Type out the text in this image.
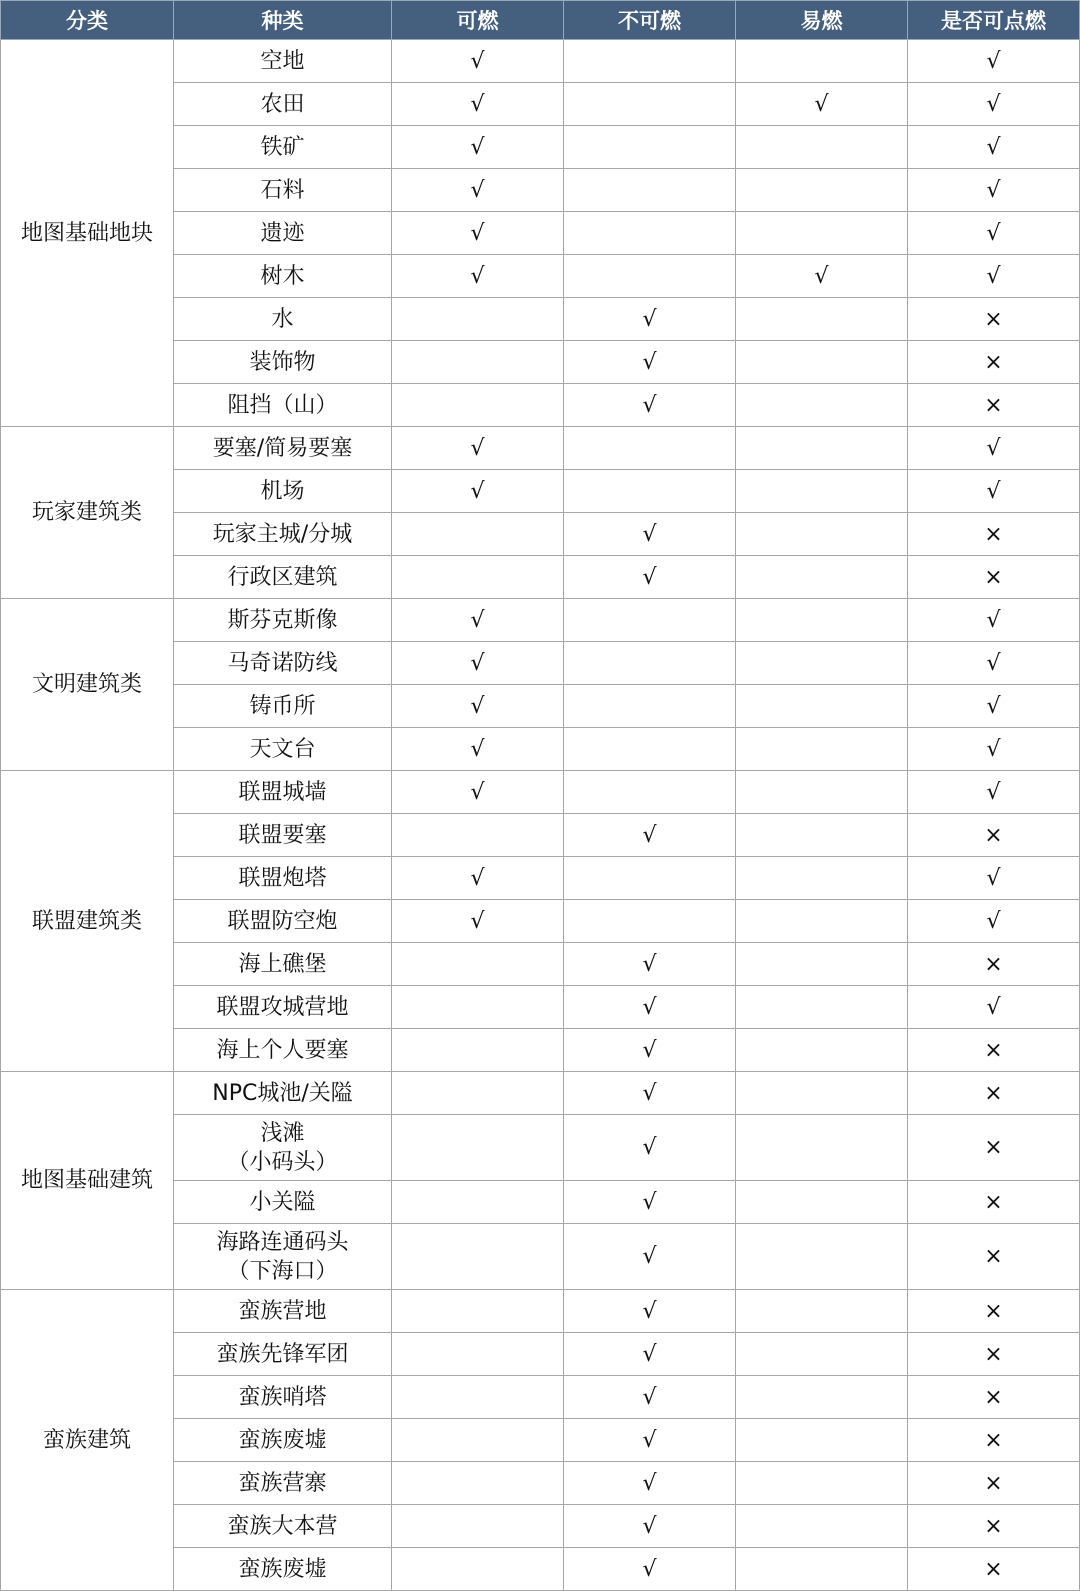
分类	种类	可燃	不可燃	易燃	是否可点燃
地图基础地块	空地	√			√

	农田	√		√	√

	铁矿	√			√

	石料	√			√

	遗迹	√			√

	树木	√		√	√

	水		√		×

	装饰物		√		×

	阻挡（山）		√		×
玩家建筑类	要塞/简易要塞	√			√

	机场	√			√

	玩家主城/分城		√		×

	行政区建筑		√		×
文明建筑类	斯芬克斯像	√			√

	马奇诺防线	√			√

	铸币所	√			√

	天文台	√			√
联盟建筑类	联盟城墙	√			√

	联盟要塞		√		×

	联盟炮塔	√			√

	联盟防空炮	√			√

	海上礁堡		√		×

	联盟攻城营地		√		√

	海上个人要塞		√		×
地图基础建筑	NPC城池/关隘		√		×

	浅滩
（小码头）		√		×

	小关隘		√		×

	海路连通码头
（下海口）		√		×
蛮族建筑	蛮族营地		√		×

	蛮族先锋军团		√		×

	蛮族哨塔		√		×

	蛮族废墟		√		×

	蛮族营寨		√		×

	蛮族大本营		√		×

	蛮族废墟		√		×
